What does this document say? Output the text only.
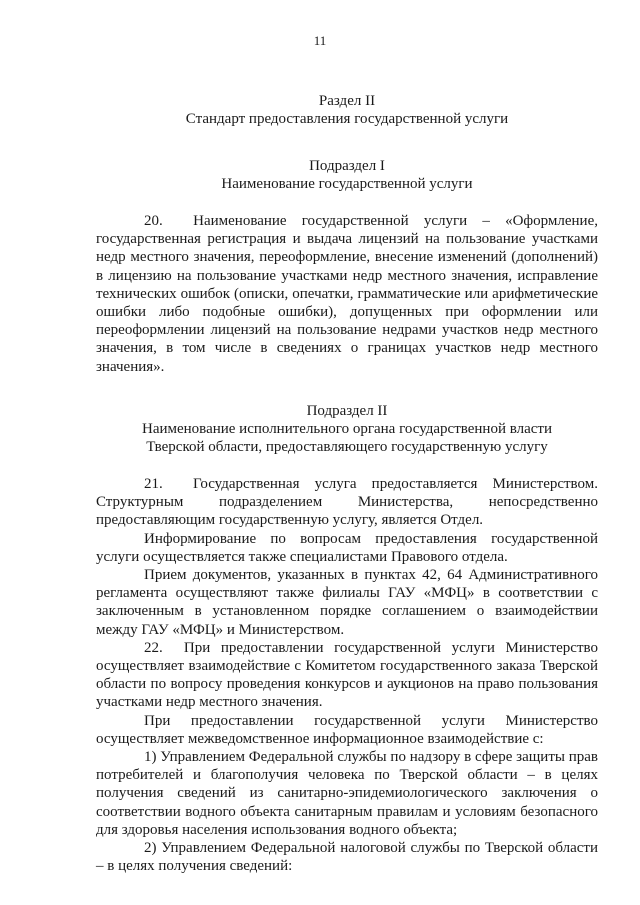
11
Раздел II
Стандарт предоставления государственной услуги
Подраздел I
Наименование государственной услуги

20.  Наименование государственной услуги – «Оформление, государственная регистрация и выдача лицензий на пользование участками недр местного значения, переоформление, внесение изменений (дополнений) в лицензию на пользование участками недр местного значения, исправление технических ошибок (описки, опечатки, грамматические или арифметические ошибки либо подобные ошибки), допущенных при оформлении или переоформлении лицензий на пользование недрами участков недр местного значения, в том числе в сведениях о границах участков недр местного значения».

Подраздел II
Наименование исполнительного органа государственной власти
Тверской области, предоставляющего государственную услугу

21.  Государственная услуга предоставляется Министерством. Структурным подразделением Министерства, непосредственно предоставляющим государственную услугу, является Отдел.

Информирование по вопросам предоставления государственной услуги осуществляется также специалистами Правового отдела.

Прием документов, указанных в пунктах 42, 64 Административного регламента осуществляют также филиалы ГАУ «МФЦ» в соответствии с заключенным в установленном порядке соглашением о взаимодействии между ГАУ «МФЦ» и Министерством.

22.  При предоставлении государственной услуги Министерство осуществляет взаимодействие с Комитетом государственного заказа Тверской области по вопросу проведения конкурсов и аукционов на право пользования участками недр местного значения.

При предоставлении государственной услуги Министерство осуществляет межведомственное информационное взаимодействие с:

1) Управлением Федеральной службы по надзору в сфере защиты прав потребителей и благополучия человека по Тверской области – в целях получения сведений из санитарно-эпидемиологического заключения о соответствии водного объекта санитарным правилам и условиям безопасного для здоровья населения использования водного объекта;

2) Управлением Федеральной налоговой службы по Тверской области – в целях получения сведений:
